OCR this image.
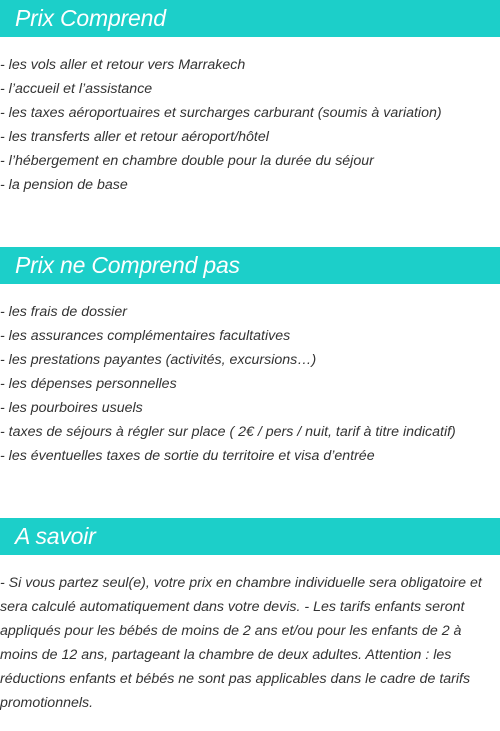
Prix Comprend
- les vols aller et retour vers Marrakech
- l’accueil et l’assistance
- les taxes aéroportuaires et surcharges carburant (soumis à variation)
- les transferts aller et retour aéroport/hôtel
- l’hébergement en chambre double pour la durée du séjour
- la pension de base
Prix ne Comprend pas
- les frais de dossier
- les assurances complémentaires facultatives
- les prestations payantes (activités, excursions…)
- les dépenses personnelles
- les pourboires usuels
- taxes de séjours à régler sur place ( 2€ / pers / nuit, tarif à titre indicatif)
- les éventuelles taxes de sortie du territoire et visa d’entrée
A savoir

- Si vous partez seul(e), votre prix en chambre individuelle sera obligatoire et sera calculé automatiquement dans votre devis. - Les tarifs enfants seront appliqués pour les bébés de moins de 2 ans et/ou pour les enfants de 2 à moins de 12 ans, partageant la chambre de deux adultes. Attention : les réductions enfants et bébés ne sont pas applicables dans le cadre de tarifs promotionnels.
